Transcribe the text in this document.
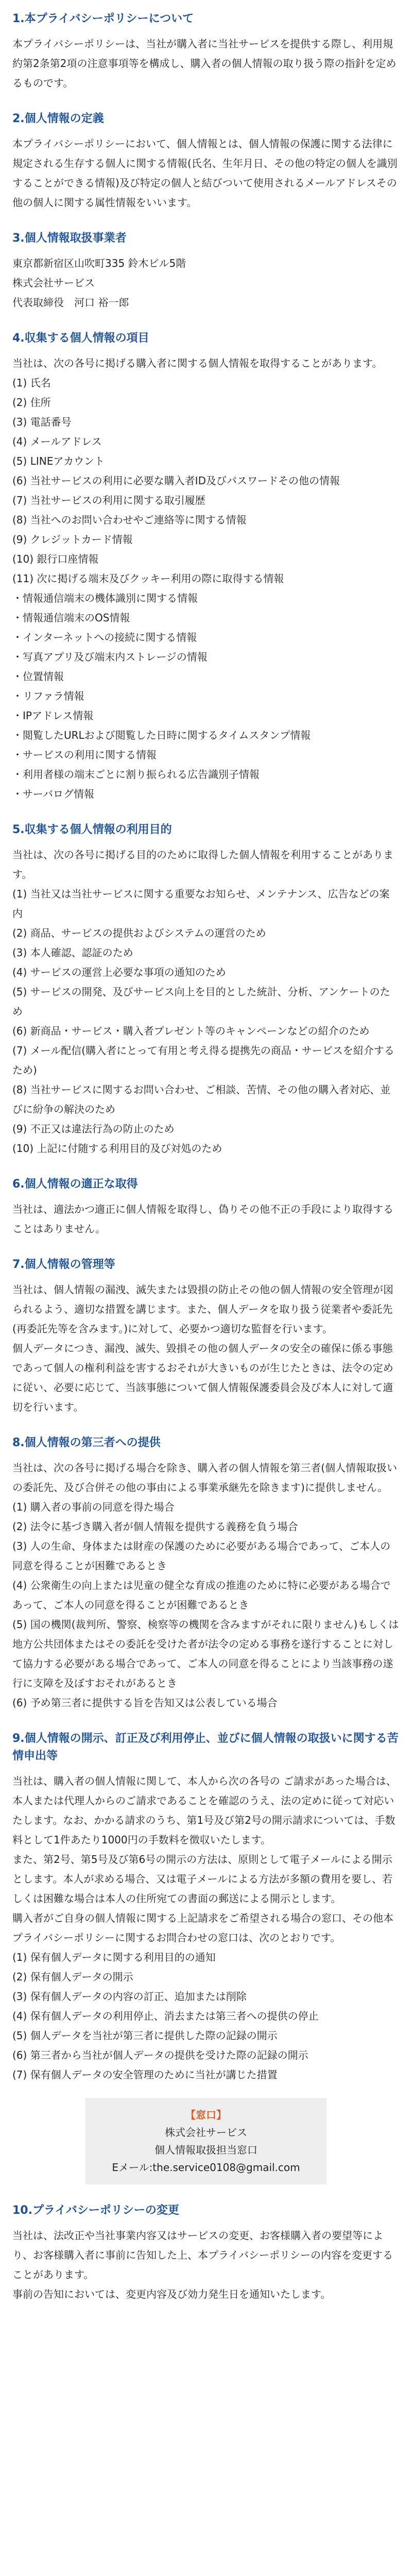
1.本プライバシーポリシーについて

本プライバシーポリシーは、当社が購入者に当社サービスを提供する際し、利用規約第2条第2項の注意事項等を構成し、購入者の個人情報の取り扱う際の指針を定めるものです。

2.個人情報の定義

本プライバシーポリシーにおいて、個人情報とは、個人情報の保護に関する法律に規定される生存する個人に関する情報(氏名、生年月日、その他の特定の個人を識別することができる情報)及び特定の個人と結びついて使用されるメールアドレスその他の個人に関する属性情報をいいます。

3.個人情報取扱事業者

東京都新宿区山吹町335 鈴木ビル5階

株式会社サービス

代表取締役　河口 裕一郎

4.収集する個人情報の項目

当社は、次の各号に掲げる購入者に関する個人情報を取得することがあります。

(1) 氏名

(2) 住所

(3) 電話番号

(4) メールアドレス

(5) LINEアカウント

(6) 当社サービスの利用に必要な購入者ID及びパスワードその他の情報

(7) 当社サービスの利用に関する取引履歴

(8) 当社へのお問い合わせやご連絡等に関する情報

(9) クレジットカード情報

(10) 銀行口座情報

(11) 次に掲げる端末及びクッキー利用の際に取得する情報

・情報通信端末の機体識別に関する情報

・情報通信端末のOS情報

・インターネットへの接続に関する情報

・写真アプリ及び端末内ストレージの情報

・位置情報

・リファラ情報

・IPアドレス情報

・閲覧したURLおよび閲覧した日時に関するタイムスタンプ情報

・サービスの利用に関する情報

・利用者様の端末ごとに割り振られる広告識別子情報

・サーバログ情報

5.収集する個人情報の利用目的

当社は、次の各号に掲げる目的のために取得した個人情報を利用することがあります。

(1) 当社又は当社サービスに関する重要なお知らせ、メンテナンス、広告などの案内

(2) 商品、サービスの提供およびシステムの運営のため

(3) 本人確認、認証のため

(4) サービスの運営上必要な事項の通知のため

(5) サービスの開発、及びサービス向上を目的とした統計、分析、アンケートのため

(6) 新商品・サービス・購入者プレゼント等のキャンペーンなどの紹介のため

(7) メール配信(購入者にとって有用と考え得る提携先の商品・サービスを紹介するため)

(8) 当社サービスに関するお問い合わせ、ご相談、苦情、その他の購入者対応、並びに紛争の解決のため

(9) 不正又は違法行為の防止のため

(10) 上記に付随する利用目的及び対処のため

6.個人情報の適正な取得

当社は、適法かつ適正に個人情報を取得し、偽りその他不正の手段により取得することはありません。

7.個人情報の管理等

当社は、個人情報の漏洩、滅失または毀損の防止その他の個人情報の安全管理が図られるよう、適切な措置を講じます。また、個人データを取り扱う従業者や委託先(再委託先等を含みます。)に対して、必要かつ適切な監督を行います。

個人データにつき、漏洩、滅失、毀損その他の個人データの安全の確保に係る事態であって個人の権利利益を害するおそれが大きいものが生じたときは、法令の定めに従い、必要に応じて、当該事態について個人情報保護委員会及び本人に対して適切を行います。

8.個人情報の第三者への提供

当社は、次の各号に掲げる場合を除き、購入者の個人情報を第三者(個人情報取扱いの委託先、及び合併その他の事由による事業承継先を除きます)に提供しません。

(1) 購入者の事前の同意を得た場合

(2) 法令に基づき購入者が個人情報を提供する義務を負う場合

(3) 人の生命、身体または財産の保護のために必要がある場合であって、ご本人の同意を得ることが困難であるとき

(4) 公衆衛生の向上または児童の健全な育成の推進のために特に必要がある場合であって、ご本人の同意を得ることが困難であるとき

(5) 国の機関(裁判所、警察、検察等の機関を含みますがそれに限りません)もしくは地方公共団体またはその委託を受けた者が法令の定める事務を遂行することに対して協力する必要がある場合であって、ご本人の同意を得ることにより当該事務の遂行に支障を及ぼすおそれがあるとき

(6) 予め第三者に提供する旨を告知又は公表している場合

9.個人情報の開示、訂正及び利用停止、並びに個人情報の取扱いに関する苦情申出等

当社は、購入者の個人情報に関して、本人から次の各号の ご請求があった場合は、本人または代理人からのご請求であることを確認のうえ、法の定めに従って対応いたします。なお、かかる請求のうち、第1号及び第2号の開示請求については、手数料として1件あたり1000円の手数料を徴収いたします。

また、第2号、第5号及び第6号の開示の方法は、原則として電子メールによる開示とします。本人が求める場合、又は電子メールによる方法が多額の費用を要し、若しくは困難な場合は本人の住所宛ての書面の郵送による開示とします。

購入者がご自身の個人情報に関する上記請求をご希望される場合の窓口、その他本プライバシーポリシーに関するお問合わせの窓口は、次のとおりです。

(1) 保有個人データに関する利用目的の通知

(2) 保有個人データの開示

(3) 保有個人データの内容の訂正、追加または削除

(4) 保有個人データの利用停止、消去または第三者への提供の停止

(5) 個人データを当社が第三者に提供した際の記録の開示

(6) 第三者から当社が個人データの提供を受けた際の記録の開示

(7) 保有個人データの安全管理のために当社が講じた措置

【窓口】
株式会社サービス
個人情報取扱担当窓口
Eメール:the.service0108@gmail.com
10.プライバシーポリシーの変更

当社は、法改正や当社事業内容又はサービスの変更、お客様購入者の要望等により、お客様購入者に事前に告知した上、本プライバシーポリシーの内容を変更することがあります。

事前の告知においては、変更内容及び効力発生日を通知いたします。
